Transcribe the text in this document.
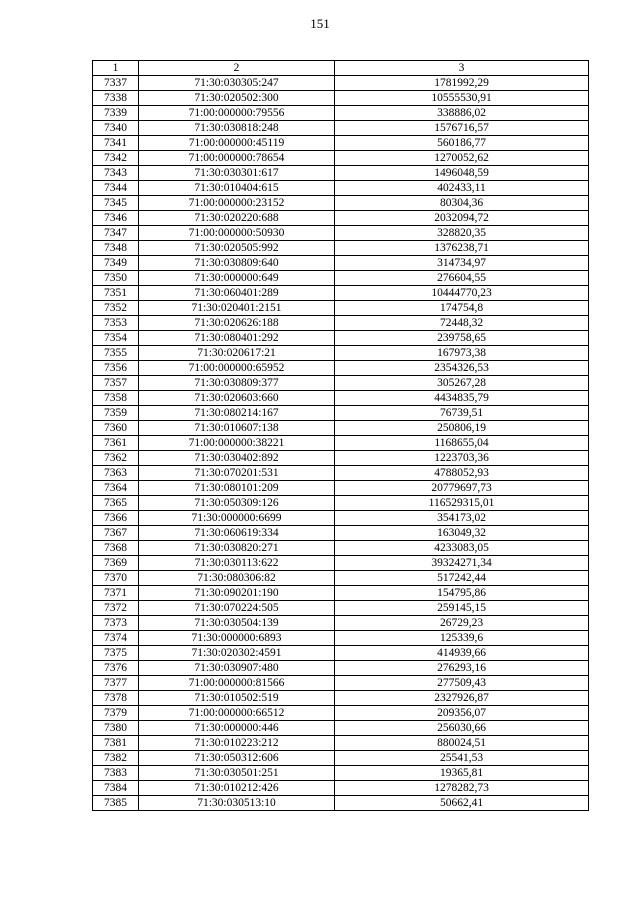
151
1	2	3
7337	71:30:030305:247	1781992,29
7338	71:30:020502:300	10555530,91
7339	71:00:000000:79556	338886,02
7340	71:30:030818:248	1576716,57
7341	71:00:000000:45119	560186,77
7342	71:00:000000:78654	1270052,62
7343	71:30:030301:617	1496048,59
7344	71:30:010404:615	402433,11
7345	71:00:000000:23152	80304,36
7346	71:30:020220:688	2032094,72
7347	71:00:000000:50930	328820,35
7348	71:30:020505:992	1376238,71
7349	71:30:030809:640	314734,97
7350	71:30:000000:649	276604,55
7351	71:30:060401:289	10444770,23
7352	71:30:020401:2151	174754,8
7353	71:30:020626:188	72448,32
7354	71:30:080401:292	239758,65
7355	71:30:020617:21	167973,38
7356	71:00:000000:65952	2354326,53
7357	71:30:030809:377	305267,28
7358	71:30:020603:660	4434835,79
7359	71:30:080214:167	76739,51
7360	71:30:010607:138	250806,19
7361	71:00:000000:38221	1168655,04
7362	71:30:030402:892	1223703,36
7363	71:30:070201:531	4788052,93
7364	71:30:080101:209	20779697,73
7365	71:30:050309:126	116529315,01
7366	71:30:000000:6699	354173,02
7367	71:30:060619:334	163049,32
7368	71:30:030820:271	4233083,05
7369	71:30:030113:622	39324271,34
7370	71:30:080306:82	517242,44
7371	71:30:090201:190	154795,86
7372	71:30:070224:505	259145,15
7373	71:30:030504:139	26729,23
7374	71:30:000000:6893	125339,6
7375	71:30:020302:4591	414939,66
7376	71:30:030907:480	276293,16
7377	71:00:000000:81566	277509,43
7378	71:30:010502:519	2327926,87
7379	71:00:000000:66512	209356,07
7380	71:30:000000:446	256030,66
7381	71:30:010223:212	880024,51
7382	71:30:050312:606	25541,53
7383	71:30:030501:251	19365,81
7384	71:30:010212:426	1278282,73
7385	71:30:030513:10	50662,41
